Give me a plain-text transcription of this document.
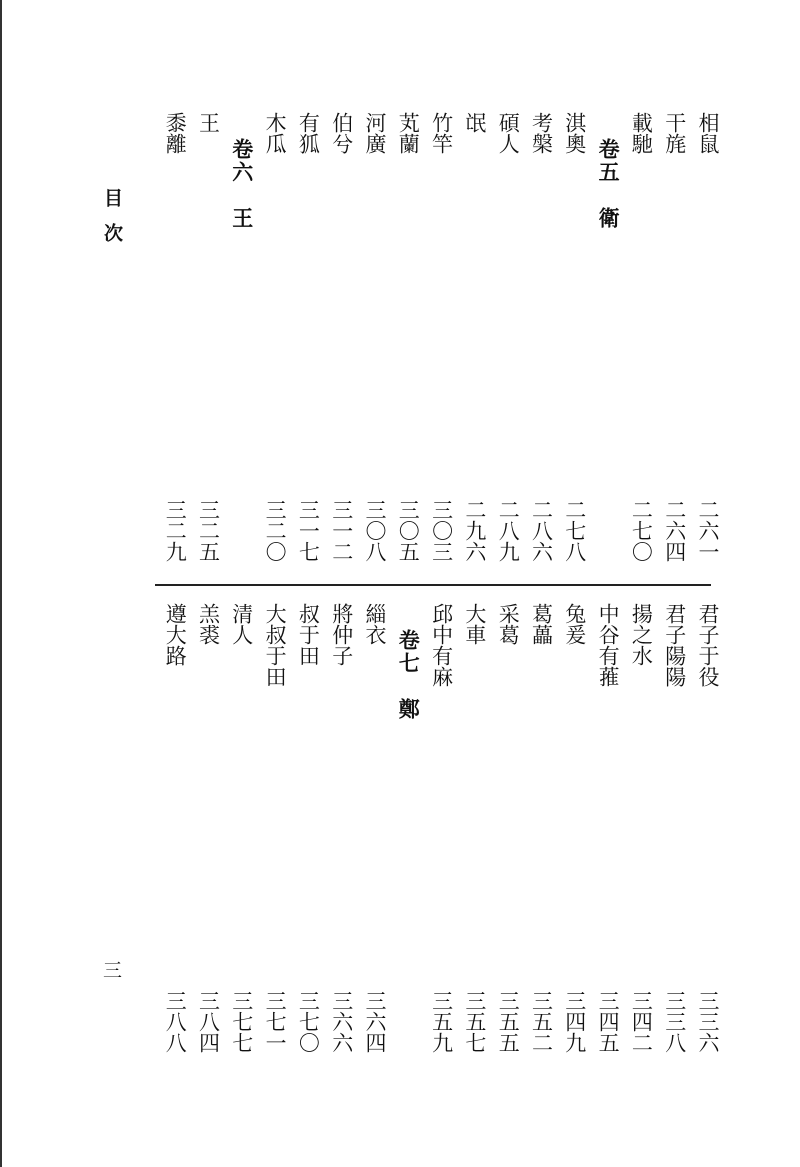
目次
相鼠
二六一
干旄
二六四
載馳
二七〇
卷五　衛
淇奧
二七八
考槃
二八六
碩人
二八九
氓
二九六
竹竿
三〇三
芄蘭
三〇五
河廣
三〇八
伯兮
三一二
有狐
三一七
木瓜
三二〇
卷六　王
王
三二五
黍離
三二九
君子于役
三三六
君子陽陽
三三八
揚之水
三四二
中谷有蓷
三四五
兔爰
三四九
葛藟
三五二
采葛
三五五
大車
三五七
邱中有麻
三五九
卷七　鄭
緇衣
三六四
將仲子
三六六
叔于田
三七〇
大叔于田
三七一
清人
三七七
羔裘
三八四
遵大路
三八八
三
